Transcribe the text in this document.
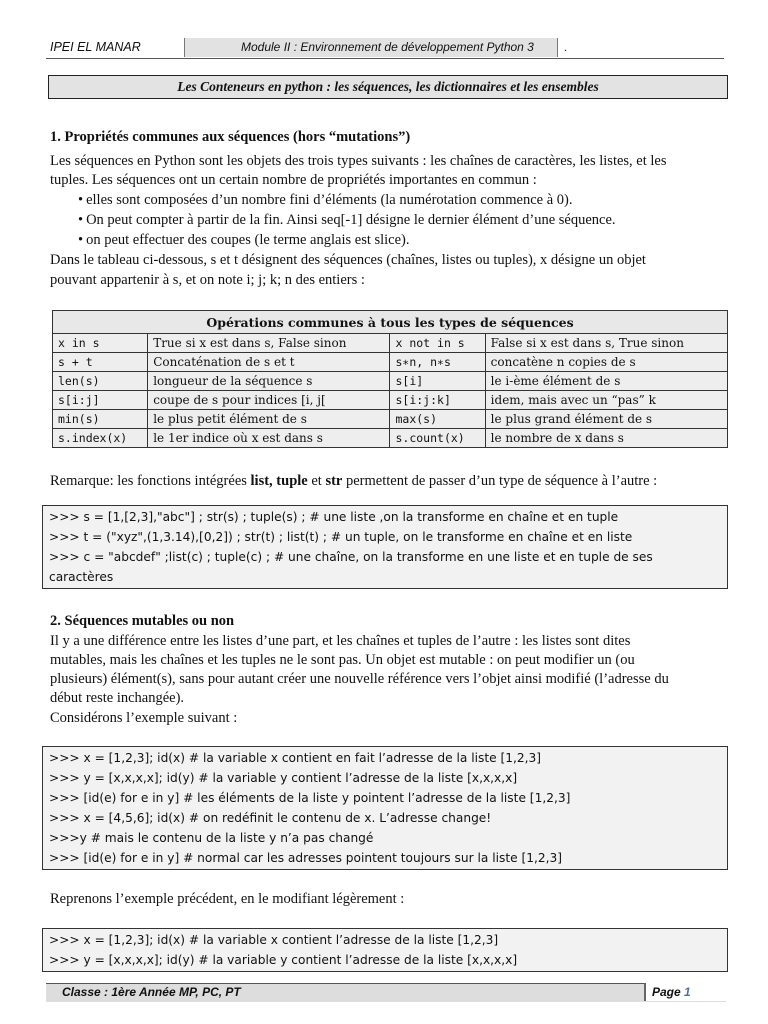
IPEI EL MANAR	Module II : Environnement de développement Python 3	.
Les Conteneurs en python : les séquences, les dictionnaires et les ensembles
1. Propriétés communes aux séquences (hors “mutations”)
Les séquences en Python sont les objets des trois types suivants : les chaînes de caractères, les listes, et les
tuples. Les séquences ont un certain nombre de propriétés importantes en commun :
• elles sont composées d’un nombre fini d’éléments (la numérotation commence à 0).
• On peut compter à partir de la fin. Ainsi seq[-1] désigne le dernier élément d’une séquence.
• on peut effectuer des coupes (le terme anglais est slice).
Dans le tableau ci-dessous, s et t désignent des séquences (chaînes, listes ou tuples), x désigne un objet
pouvant appartenir à s, et on note i; j; k; n des entiers :
Opérations communes à tous les types de séquences			
x in s	True si x est dans s, False sinon	x not in s	False si x est dans s, True sinon
s + t	Concaténation de s et t	s∗n, n∗s	concatène n copies de s
len(s)	longueur de la séquence s	s[i]	le i-ème élément de s
s[i:j]	coupe de s pour indices [i, j[	s[i:j:k]	idem, mais avec un “pas” k
min(s)	le plus petit élément de s	max(s)	le plus grand élément de s
s.index(x)	le 1er indice où x est dans s	s.count(x)	le nombre de x dans s
Remarque: les fonctions intégrées list, tuple et str permettent de passer d’un type de séquence à l’autre :
>>> s = [1,[2,3],"abc"] ; str(s) ; tuple(s) ; # une liste ,on la transforme en chaîne et en tuple
>>> t = ("xyz",(1,3.14),[0,2]) ; str(t) ; list(t) ; # un tuple, on le transforme en chaîne et en liste
>>> c = "abcdef" ;list(c) ; tuple(c) ; # une chaîne, on la transforme en une liste et en tuple de ses
caractères
2. Séquences mutables ou non
Il y a une différence entre les listes d’une part, et les chaînes et tuples de l’autre : les listes sont dites
mutables, mais les chaînes et les tuples ne le sont pas. Un objet est mutable : on peut modifier un (ou
plusieurs) élément(s), sans pour autant créer une nouvelle référence vers l’objet ainsi modifié (l’adresse du
début reste inchangée).
Considérons l’exemple suivant :
>>> x = [1,2,3]; id(x) # la variable x contient en fait l’adresse de la liste [1,2,3]
>>> y = [x,x,x,x]; id(y) # la variable y contient l’adresse de la liste [x,x,x,x]
>>> [id(e) for e in y] # les éléments de la liste y pointent l’adresse de la liste [1,2,3]
>>> x = [4,5,6]; id(x) # on redéfinit le contenu de x. L’adresse change!
>>>y # mais le contenu de la liste y n’a pas changé
>>> [id(e) for e in y] # normal car les adresses pointent toujours sur la liste [1,2,3]
Reprenons l’exemple précédent, en le modifiant légèrement :
>>> x = [1,2,3]; id(x) # la variable x contient l’adresse de la liste [1,2,3]
>>> y = [x,x,x,x]; id(y) # la variable y contient l’adresse de la liste [x,x,x,x]
Classe : 1ère Année MP, PC, PT	Page 1
